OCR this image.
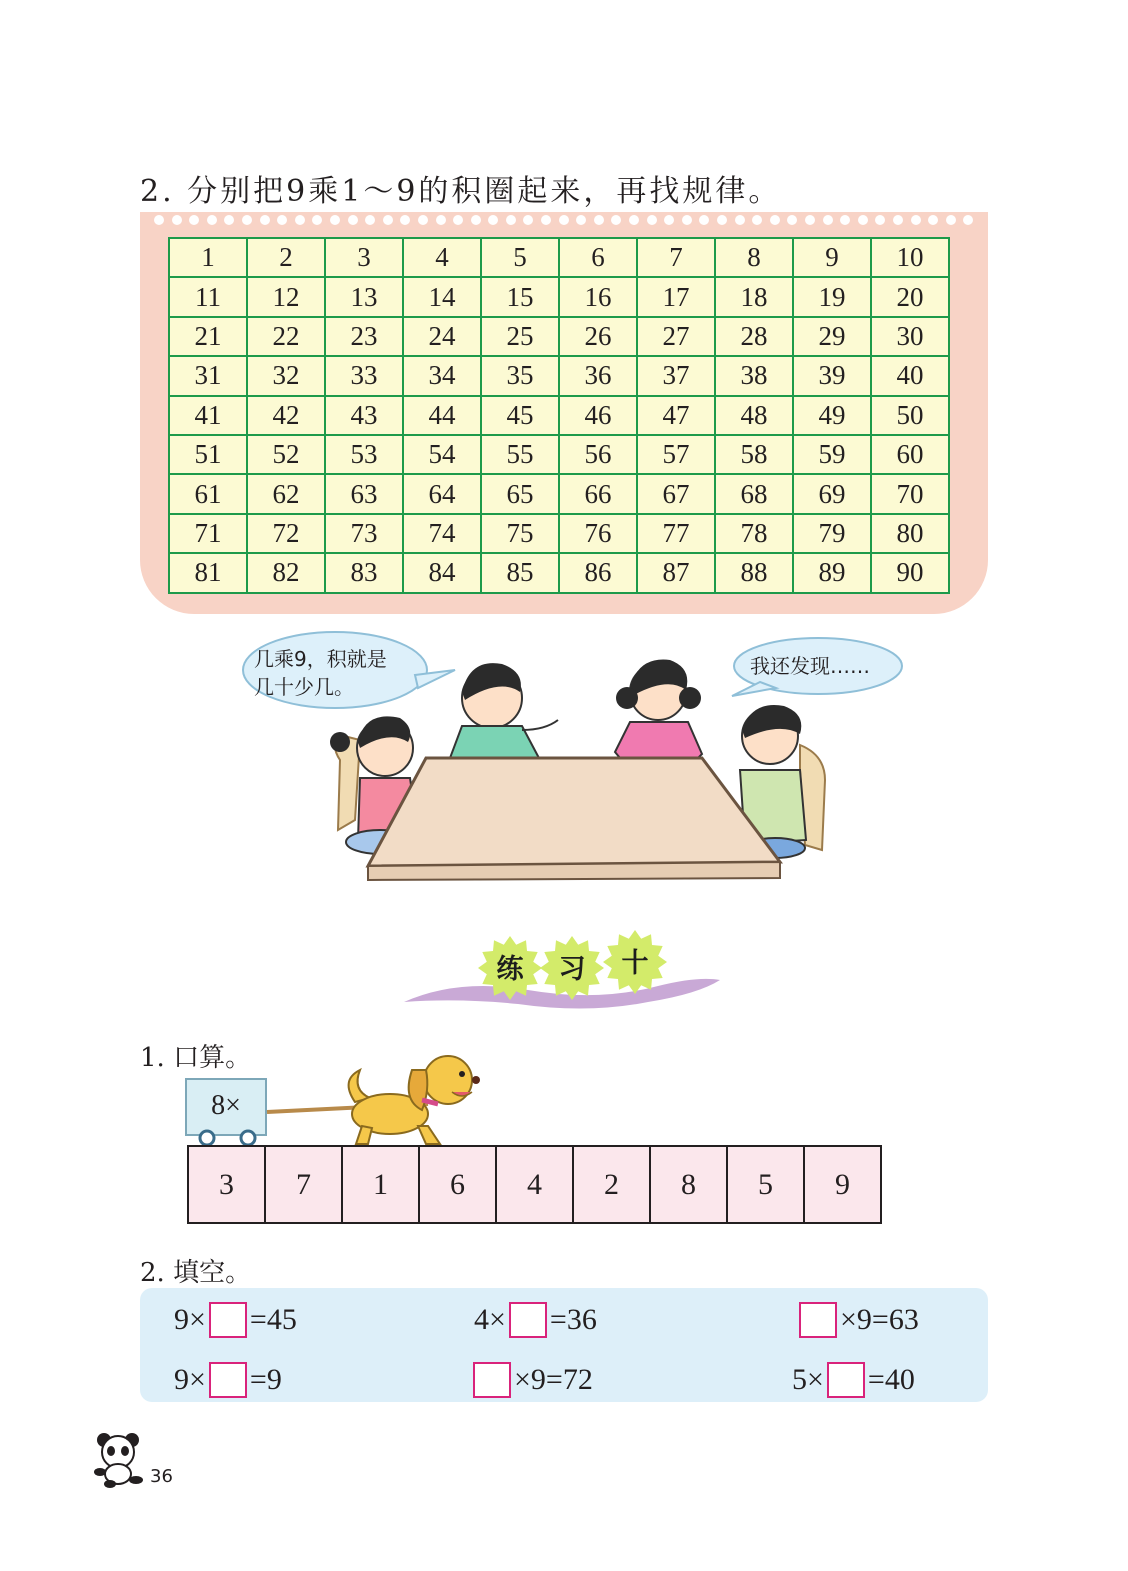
2. 分别把9乘1～9的积圈起来，再找规律。
1	2	3	4	5	6	7	8	9	10
11	12	13	14	15	16	17	18	19	20
21	22	23	24	25	26	27	28	29	30
31	32	33	34	35	36	37	38	39	40
41	42	43	44	45	46	47	48	49	50
51	52	53	54	55	56	57	58	59	60
61	62	63	64	65	66	67	68	69	70
71	72	73	74	75	76	77	78	79	80
81	82	83	84	85	86	87	88	89	90
几乘9，积就是
几十少几。
我还发现……
练 习 十
1. 口算。
8×
3	7	1	6	4	2	8	5	9
2. 填空。
9× =45	4× =36	×9=63
9× =9	×9=72	5× =40
36
